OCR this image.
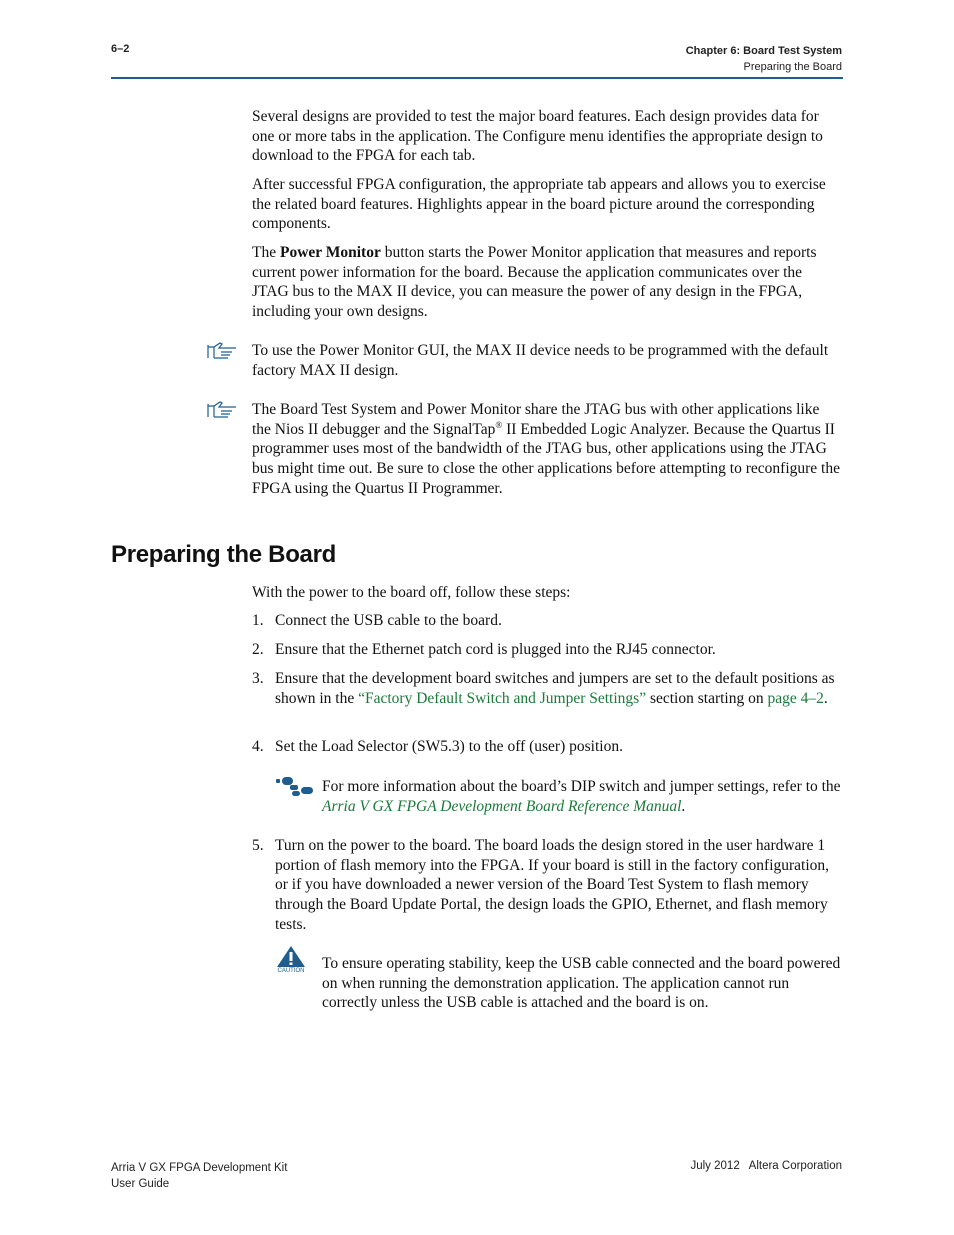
6–2	Chapter 6: Board Test System
Preparing the Board

Several designs are provided to test the major board features. Each design provides data for one or more tabs in the application. The Configure menu identifies the appropriate design to download to the FPGA for each tab.

After successful FPGA configuration, the appropriate tab appears and allows you to exercise the related board features. Highlights appear in the board picture around the corresponding components.

The Power Monitor button starts the Power Monitor application that measures and reports current power information for the board. Because the application communicates over the JTAG bus to the MAX II device, you can measure the power of any design in the FPGA, including your own designs.

To use the Power Monitor GUI, the MAX II device needs to be programmed with the default factory MAX II design.

The Board Test System and Power Monitor share the JTAG bus with other applications like the Nios II debugger and the SignalTap® II Embedded Logic Analyzer. Because the Quartus II programmer uses most of the bandwidth of the JTAG bus, other applications using the JTAG bus might time out. Be sure to close the other applications before attempting to reconfigure the FPGA using the Quartus II Programmer.

Preparing the Board

With the power to the board off, follow these steps:

1. Connect the USB cable to the board.
2. Ensure that the Ethernet patch cord is plugged into the RJ45 connector.
3. Ensure that the development board switches and jumpers are set to the default positions as shown in the “Factory Default Switch and Jumper Settings” section starting on page 4–2.
4. Set the Load Selector (SW5.3) to the off (user) position.
For more information about the board’s DIP switch and jumper settings, refer to the Arria V GX FPGA Development Board Reference Manual.
5. Turn on the power to the board. The board loads the design stored in the user hardware 1 portion of flash memory into the FPGA. If your board is still in the factory configuration, or if you have downloaded a newer version of the Board Test System to flash memory through the Board Update Portal, the design loads the GPIO, Ethernet, and flash memory tests.
CAUTION To ensure operating stability, keep the USB cable connected and the board powered on when running the demonstration application. The application cannot run correctly unless the USB cable is attached and the board is on.
Arria V GX FPGA Development Kit
User Guide
July 2012   Altera Corporation
